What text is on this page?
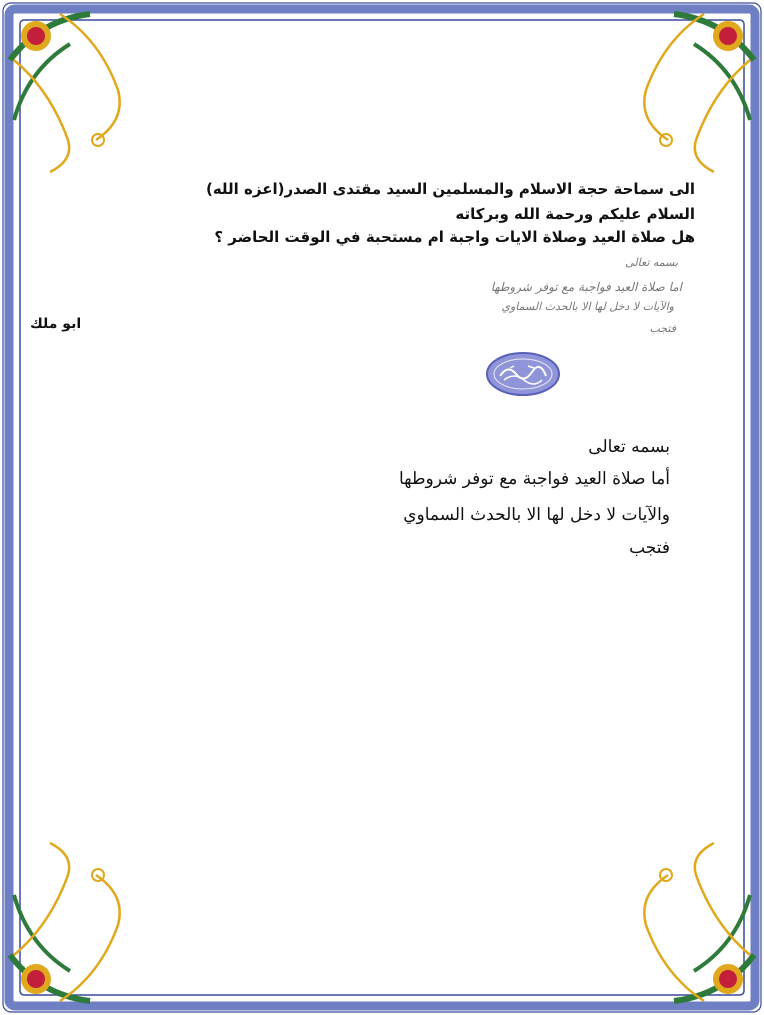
الى سماحة حجة الاسلام والمسلمين السيد مقتدى الصدر(اعزه الله)
السلام عليكم ورحمة الله وبركاته
هل صلاة العيد وصلاة الايات واجبة ام مستحبة في الوقت الحاضر ؟
ابو ملك
بسمه تعالى
اما صلاة العيد فواجبة مع توفر شروطها
والآيات لا دخل لها الا بالحدث السماوي
فتجب
بسمه تعالى
أما صلاة العيد فواجبة مع توفر شروطها
والآيات لا دخل لها الا بالحدث السماوي
فتجب
